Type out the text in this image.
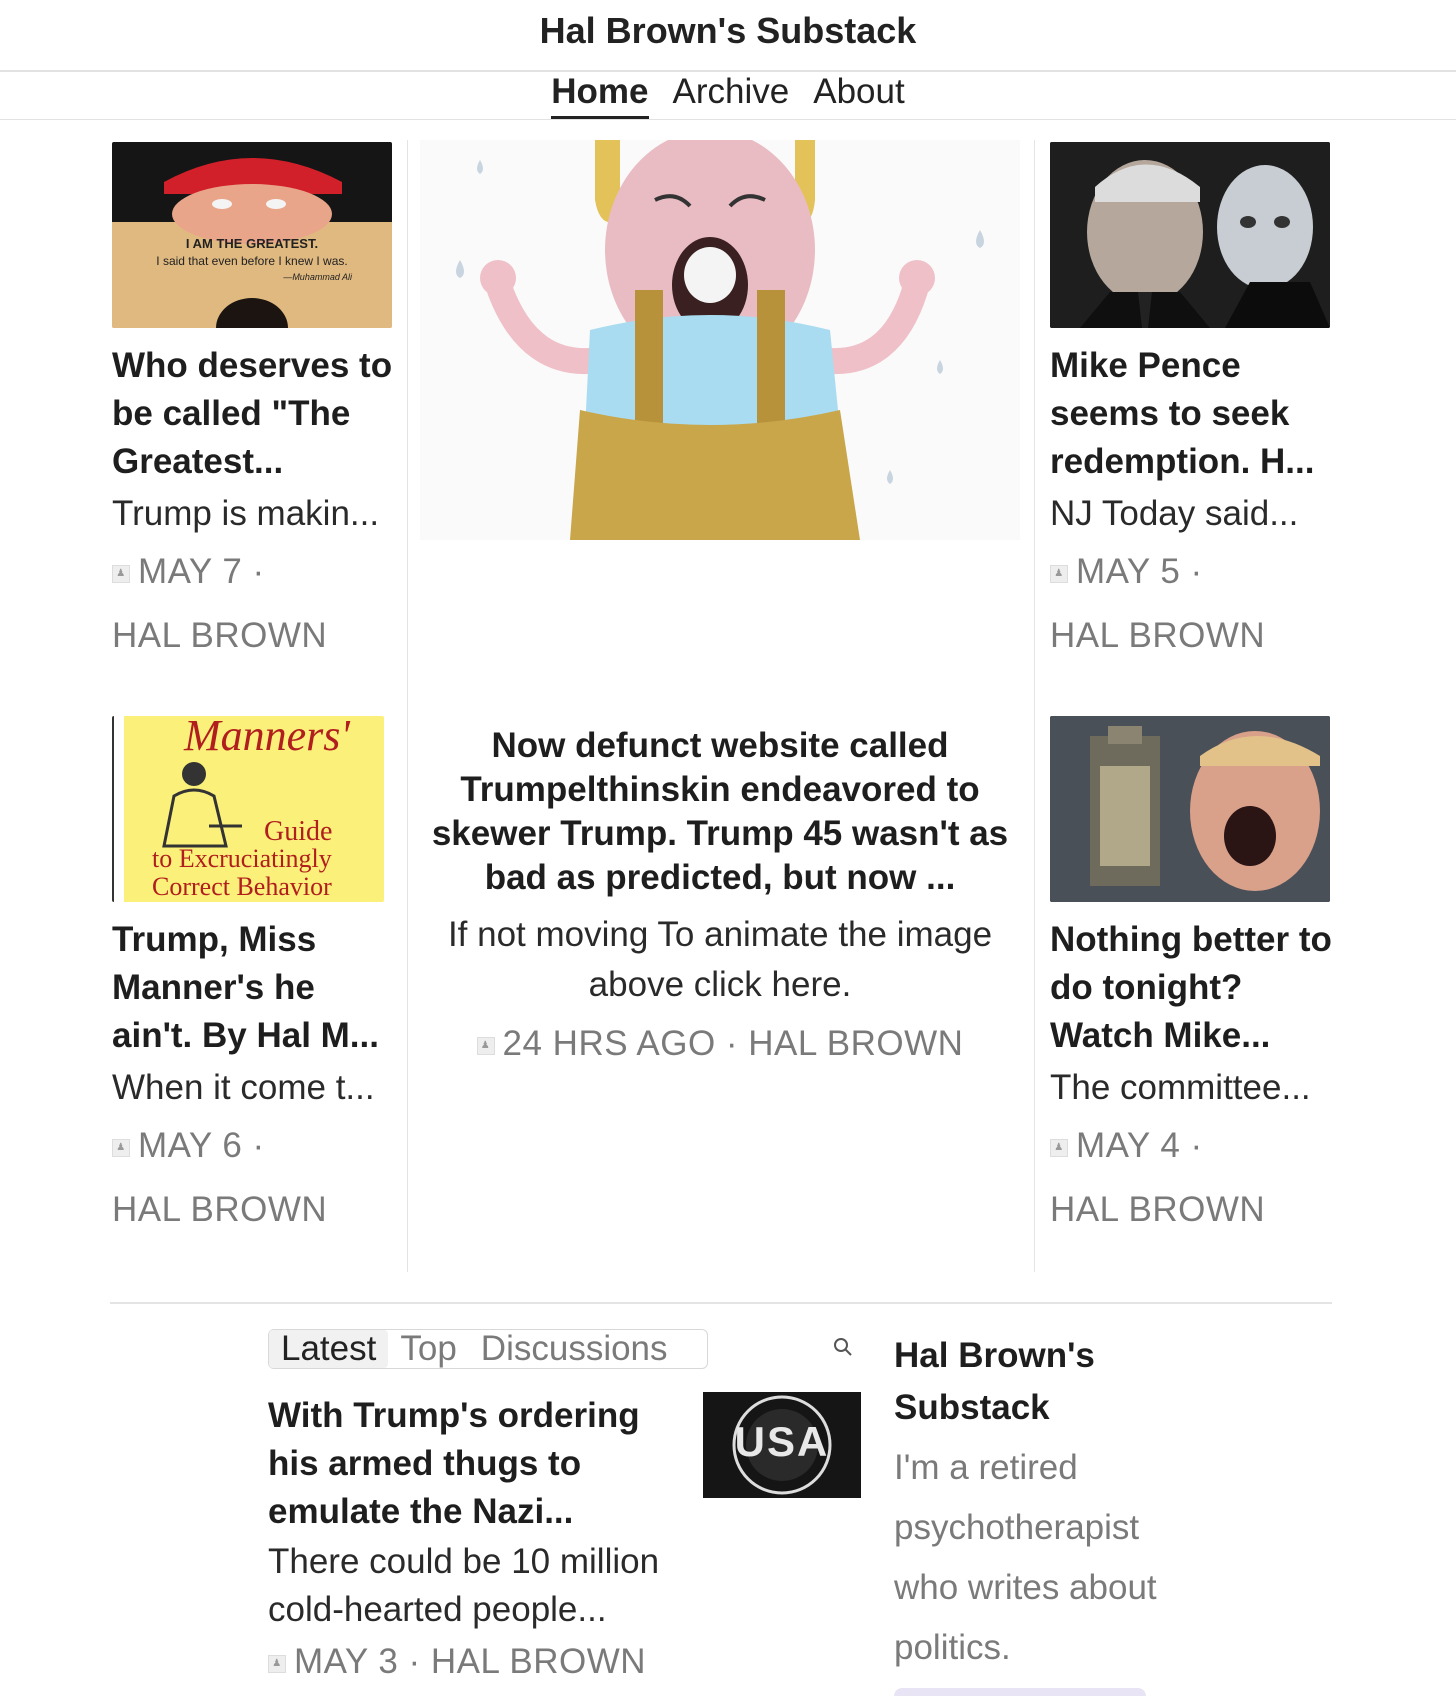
Hal Brown's Substack
Home Archive About
I AM THE GREATEST.
I said that even before I knew I was.
—Muhammad Ali
Who deserves to be called "The Greatest...
Trump is makin...
♟ MAY 7 ·
HAL BROWN
Mike Pence seems to seek redemption. H...
NJ Today said...
♟ MAY 5 ·
HAL BROWN
Manners'
Guide
to Excruciatingly
Correct Behavior
Trump, Miss Manner's he ain't. By Hal M...
When it come t...
♟ MAY 6 ·
HAL BROWN
Now defunct website called Trumpelthinskin endeavored to skewer Trump. Trump 45 wasn't as bad as predicted, but now ...
If not moving To animate the image above click here.
♟ 24 HRS AGO · HAL BROWN
Nothing better to do tonight? Watch Mike...
The committee...
♟ MAY 4 ·
HAL BROWN
Latest Top Discussions
With Trump's ordering his armed thugs to emulate the Nazi...
There could be 10 million cold-hearted people...
♟ MAY 3 · HAL BROWN
USA
Hal Brown's Substack
I'm a retired psychotherapist who writes about politics.
